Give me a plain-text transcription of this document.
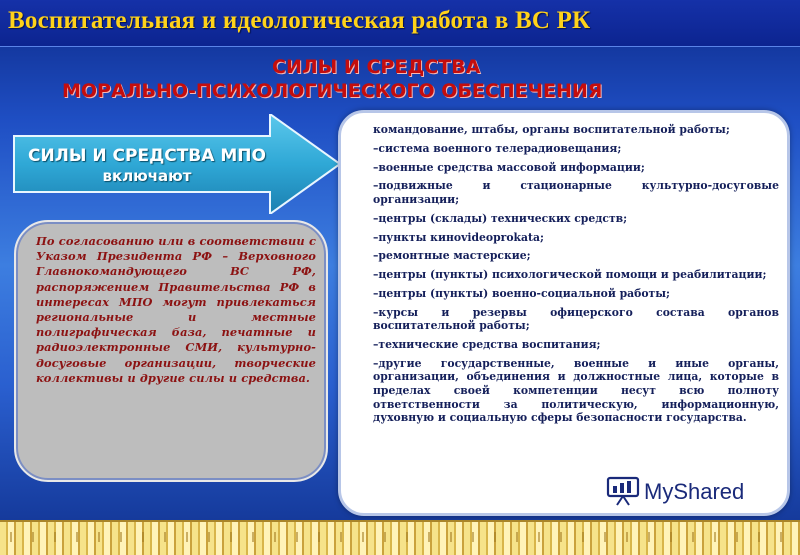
Воспитательная и идеологическая работа в ВС РК
СИЛЫ И СРЕДСТВА
МОРАЛЬНО-ПСИХОЛОГИЧЕСКОГО ОБЕСПЕЧЕНИЯ
СИЛЫ И СРЕДСТВА МПО
включают
По согласованию или в соответствии с Указом Президента РФ – Верховного Главнокомандующего ВС РФ, распоряжением Правительства РФ в интересах МПО могут привлекаться региональные и местные полиграфическая база, печатные и радиоэлектронные СМИ, культурно-досуговые организации, творческие коллективы и другие силы и средства.
командование, штабы, органы воспитательной работы;
–система военного телерадиовещания;
–военные средства массовой информации;
–подвижные и стационарные культурно-досуговые организации;
–центры (склады) технических средств;
–пункты кинovideoprokata;
–ремонтные мастерские;
–центры (пункты) психологической помощи и реабилитации;
–центры (пункты) военно-социальной работы;
–курсы и резервы офицерского состава органов воспитательной работы;
–технические средства воспитания;
–другие государственные, военные и иные органы, организации, объединения и должностные лица, которые в пределах своей компетенции несут всю полноту ответственности за политическую, информационную, духовную и социальную сферы безопасности государства.
MyShared
